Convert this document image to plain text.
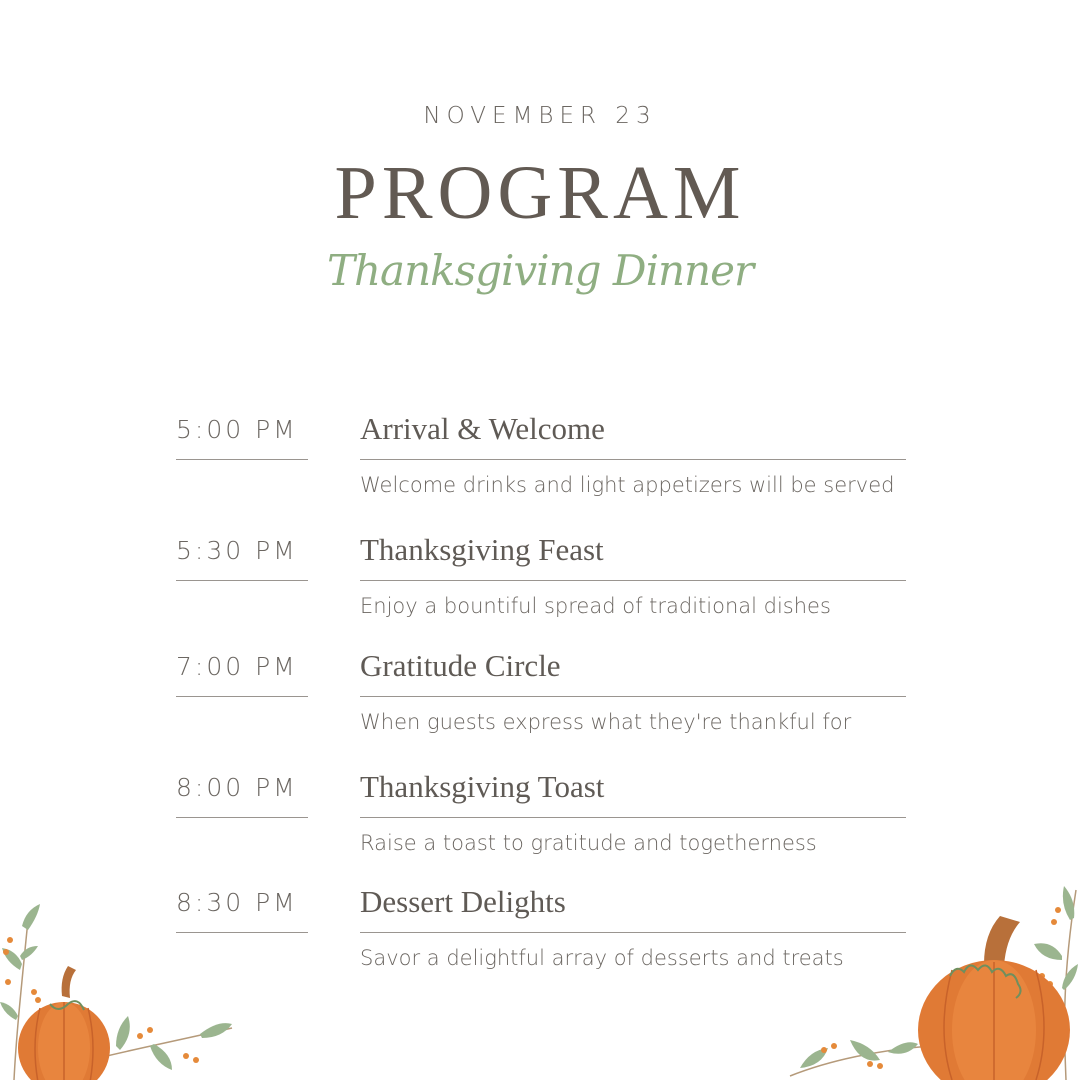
NOVEMBER 23
PROGRAM
Thanksgiving Dinner
5:00 PM	Arrival & Welcome
Welcome drinks and light appetizers will be served
5:30 PM	Thanksgiving Feast
Enjoy a bountiful spread of traditional dishes
7:00 PM	Gratitude Circle
When guests express what they're thankful for
8:00 PM	Thanksgiving Toast
Raise a toast to gratitude and togetherness
8:30 PM	Dessert Delights
Savor a delightful array of desserts and treats
